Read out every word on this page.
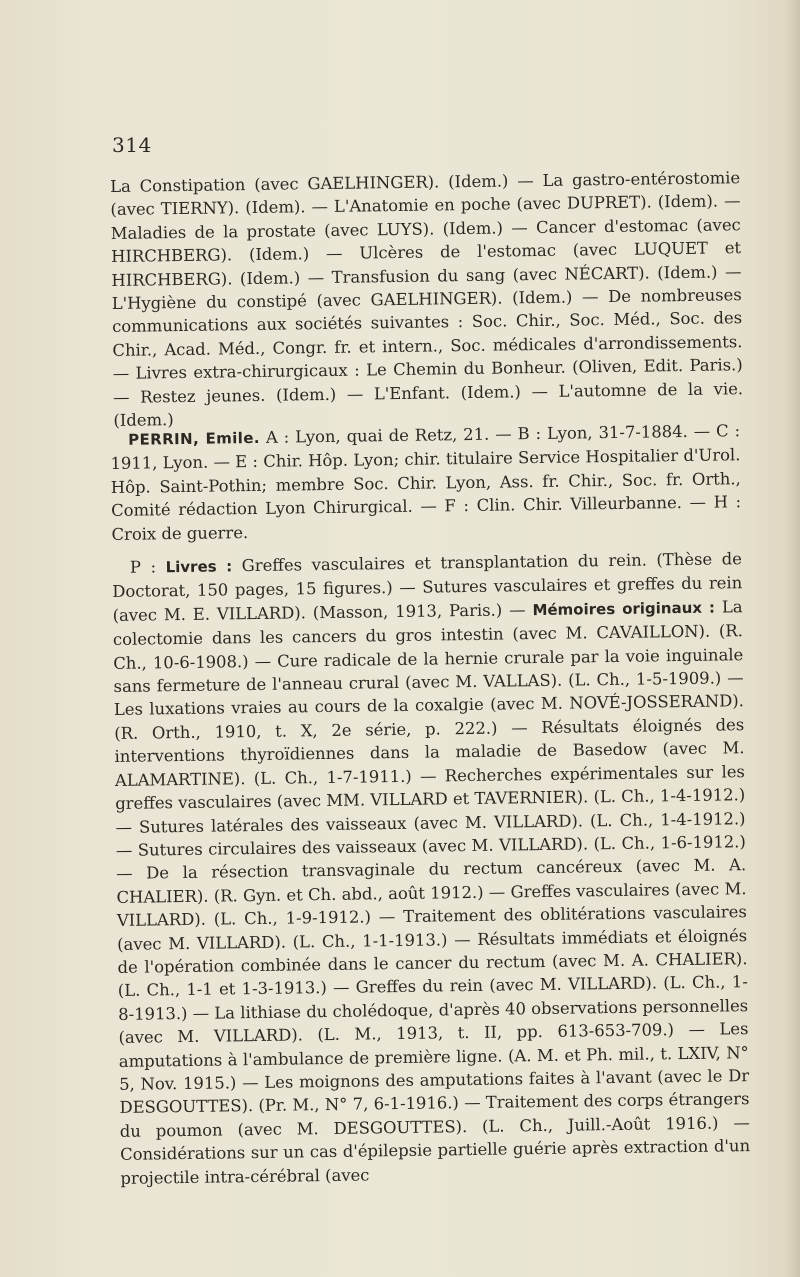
314

La Constipation (avec GAELHINGER). (Idem.) — La gastro-entérostomie (avec TIERNY). (Idem). — L'Anatomie en poche (avec DUPRET). (Idem). — Maladies de la prostate (avec LUYS). (Idem.) — Cancer d'estomac (avec HIRCHBERG). (Idem.) — Ulcères de l'estomac (avec LUQUET et HIRCHBERG). (Idem.) — Transfusion du sang (avec NÉCART). (Idem.) — L'Hygiène du constipé (avec GAELHINGER). (Idem.) — De nombreuses communications aux sociétés suivantes : Soc. Chir., Soc. Méd., Soc. des Chir., Acad. Méd., Congr. fr. et intern., Soc. médicales d'arrondissements. — Livres extra-chirurgicaux : Le Chemin du Bonheur. (Oliven, Edit. Paris.) — Restez jeunes. (Idem.) — L'Enfant. (Idem.) — L'automne de la vie. (Idem.)

PERRIN, Emile. A : Lyon, quai de Retz, 21. — B : Lyon, 31-7-1884. — C : 1911, Lyon. — E : Chir. Hôp. Lyon; chir. titulaire Service Hospitalier d'Urol. Hôp. Saint-Pothin; membre Soc. Chir. Lyon, Ass. fr. Chir., Soc. fr. Orth., Comité rédaction Lyon Chirurgical. — F : Clin. Chir. Villeurbanne. — H : Croix de guerre.

P : Livres : Greffes vasculaires et transplantation du rein. (Thèse de Doctorat, 150 pages, 15 figures.) — Sutures vasculaires et greffes du rein (avec M. E. VILLARD). (Masson, 1913, Paris.) — Mémoires originaux : La colectomie dans les cancers du gros intestin (avec M. CAVAILLON). (R. Ch., 10-6-1908.) — Cure radicale de la hernie crurale par la voie inguinale sans fermeture de l'anneau crural (avec M. VALLAS). (L. Ch., 1-5-1909.) — Les luxations vraies au cours de la coxalgie (avec M. NOVÉ-JOSSERAND). (R. Orth., 1910, t. X, 2e série, p. 222.) — Résultats éloignés des interventions thyroïdiennes dans la maladie de Basedow (avec M. ALAMARTINE). (L. Ch., 1-7-1911.) — Recherches expérimentales sur les greffes vasculaires (avec MM. VILLARD et TAVERNIER). (L. Ch., 1-4-1912.) — Sutures latérales des vaisseaux (avec M. VILLARD). (L. Ch., 1-4-1912.) — Sutures circulaires des vaisseaux (avec M. VILLARD). (L. Ch., 1-6-1912.) — De la résection transvaginale du rectum cancéreux (avec M. A. CHALIER). (R. Gyn. et Ch. abd., août 1912.) — Greffes vasculaires (avec M. VILLARD). (L. Ch., 1-9-1912.) — Traitement des oblitérations vasculaires (avec M. VILLARD). (L. Ch., 1-1-1913.) — Résultats immédiats et éloignés de l'opération combinée dans le cancer du rectum (avec M. A. CHALIER). (L. Ch., 1-1 et 1-3-1913.) — Greffes du rein (avec M. VILLARD). (L. Ch., 1-8-1913.) — La lithiase du cholédoque, d'après 40 observations personnelles (avec M. VILLARD). (L. M., 1913, t. II, pp. 613-653-709.) — Les amputations à l'ambulance de première ligne. (A. M. et Ph. mil., t. LXIV, N° 5, Nov. 1915.) — Les moignons des amputations faites à l'avant (avec le Dr DESGOUTTES). (Pr. M., N° 7, 6-1-1916.) — Traitement des corps étrangers du poumon (avec M. DESGOUTTES). (L. Ch., Juill.-Août 1916.) — Considérations sur un cas d'épilepsie partielle guérie après extraction d'un projectile intra-cérébral (avec
